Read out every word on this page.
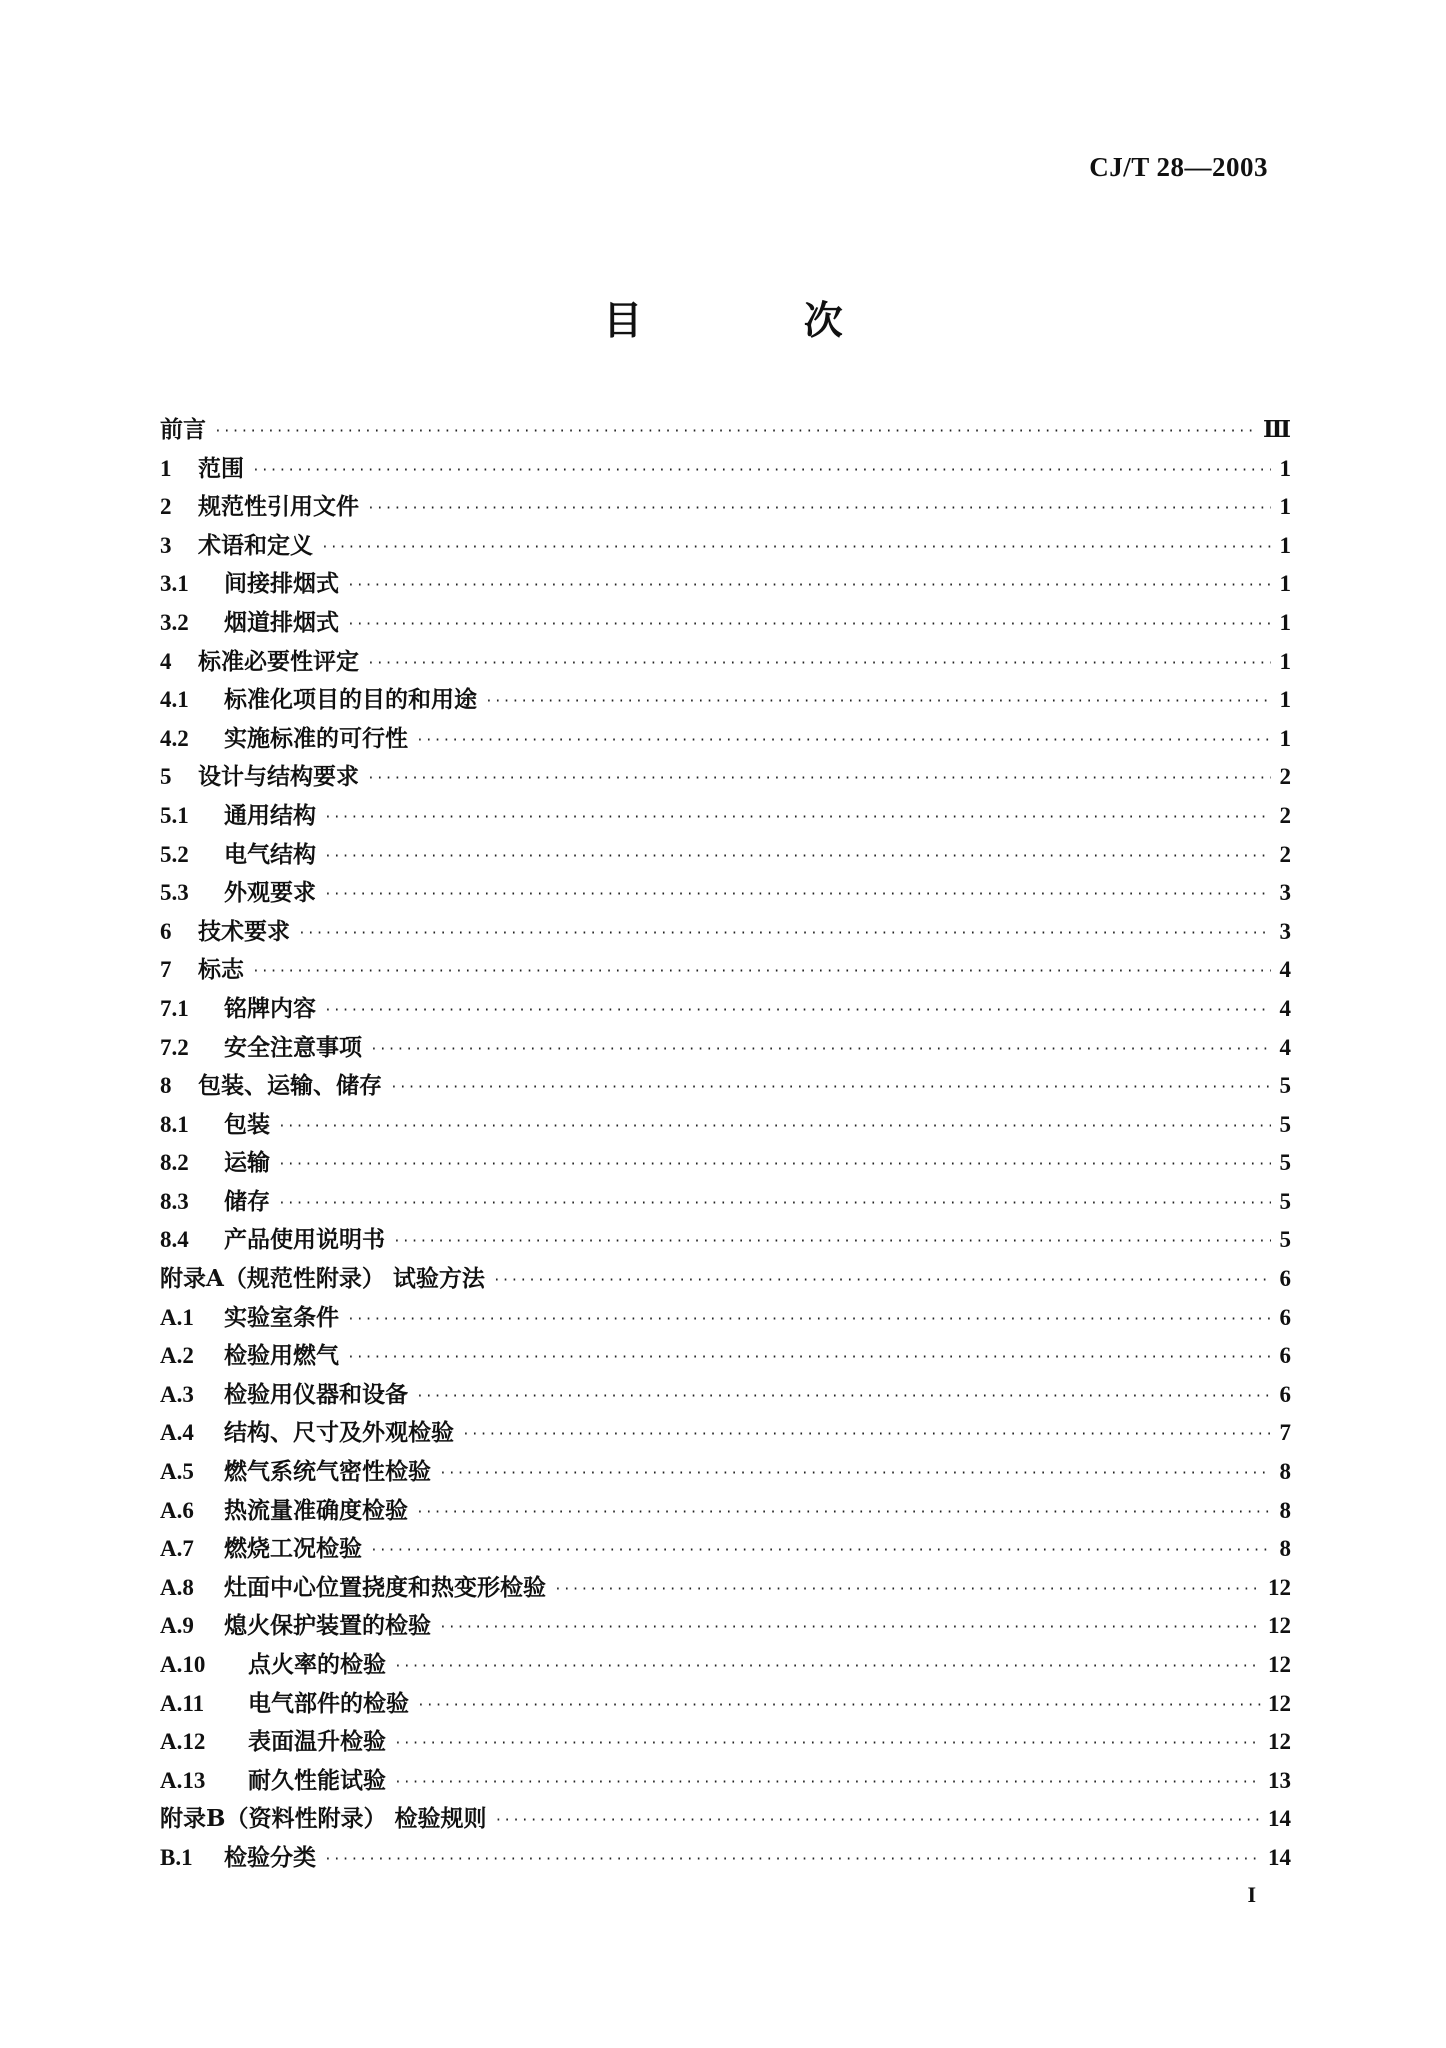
CJ/T 28—2003
目 次
前言 ·····	Ⅲ
1	范围 ·····	1
2	规范性引用文件 ·····	1
3	术语和定义 ·····	1
3.1	间接排烟式 ·····	1
3.2	烟道排烟式 ·····	1
4	标准必要性评定 ·····	1
4.1	标准化项目的目的和用途 ·····	1
4.2	实施标准的可行性 ·····	1
5	设计与结构要求 ·····	2
5.1	通用结构 ·····	2
5.2	电气结构 ·····	2
5.3	外观要求 ·····	3
6	技术要求 ·····	3
7	标志 ·····	4
7.1	铭牌内容 ·····	4
7.2	安全注意事项 ·····	4
8	包装、运输、储存 ·····	5
8.1	包装 ·····	5
8.2	运输 ·····	5
8.3	储存 ·····	5
8.4	产品使用说明书 ·····	5
附录A（规范性附录） 试验方法 ·····	6
A.1	实验室条件 ·····	6
A.2	检验用燃气 ·····	6
A.3	检验用仪器和设备 ·····	6
A.4	结构、尺寸及外观检验 ·····	7
A.5	燃气系统气密性检验 ·····	8
A.6	热流量准确度检验 ·····	8
A.7	燃烧工况检验 ·····	8
A.8	灶面中心位置挠度和热变形检验 ·····	12
A.9	熄火保护装置的检验 ·····	12
A.10	点火率的检验 ·····	12
A.11	电气部件的检验 ·····	12
A.12	表面温升检验 ·····	12
A.13	耐久性能试验 ·····	13
附录B（资料性附录） 检验规则 ·····	14
B.1	检验分类 ·····	14
I
